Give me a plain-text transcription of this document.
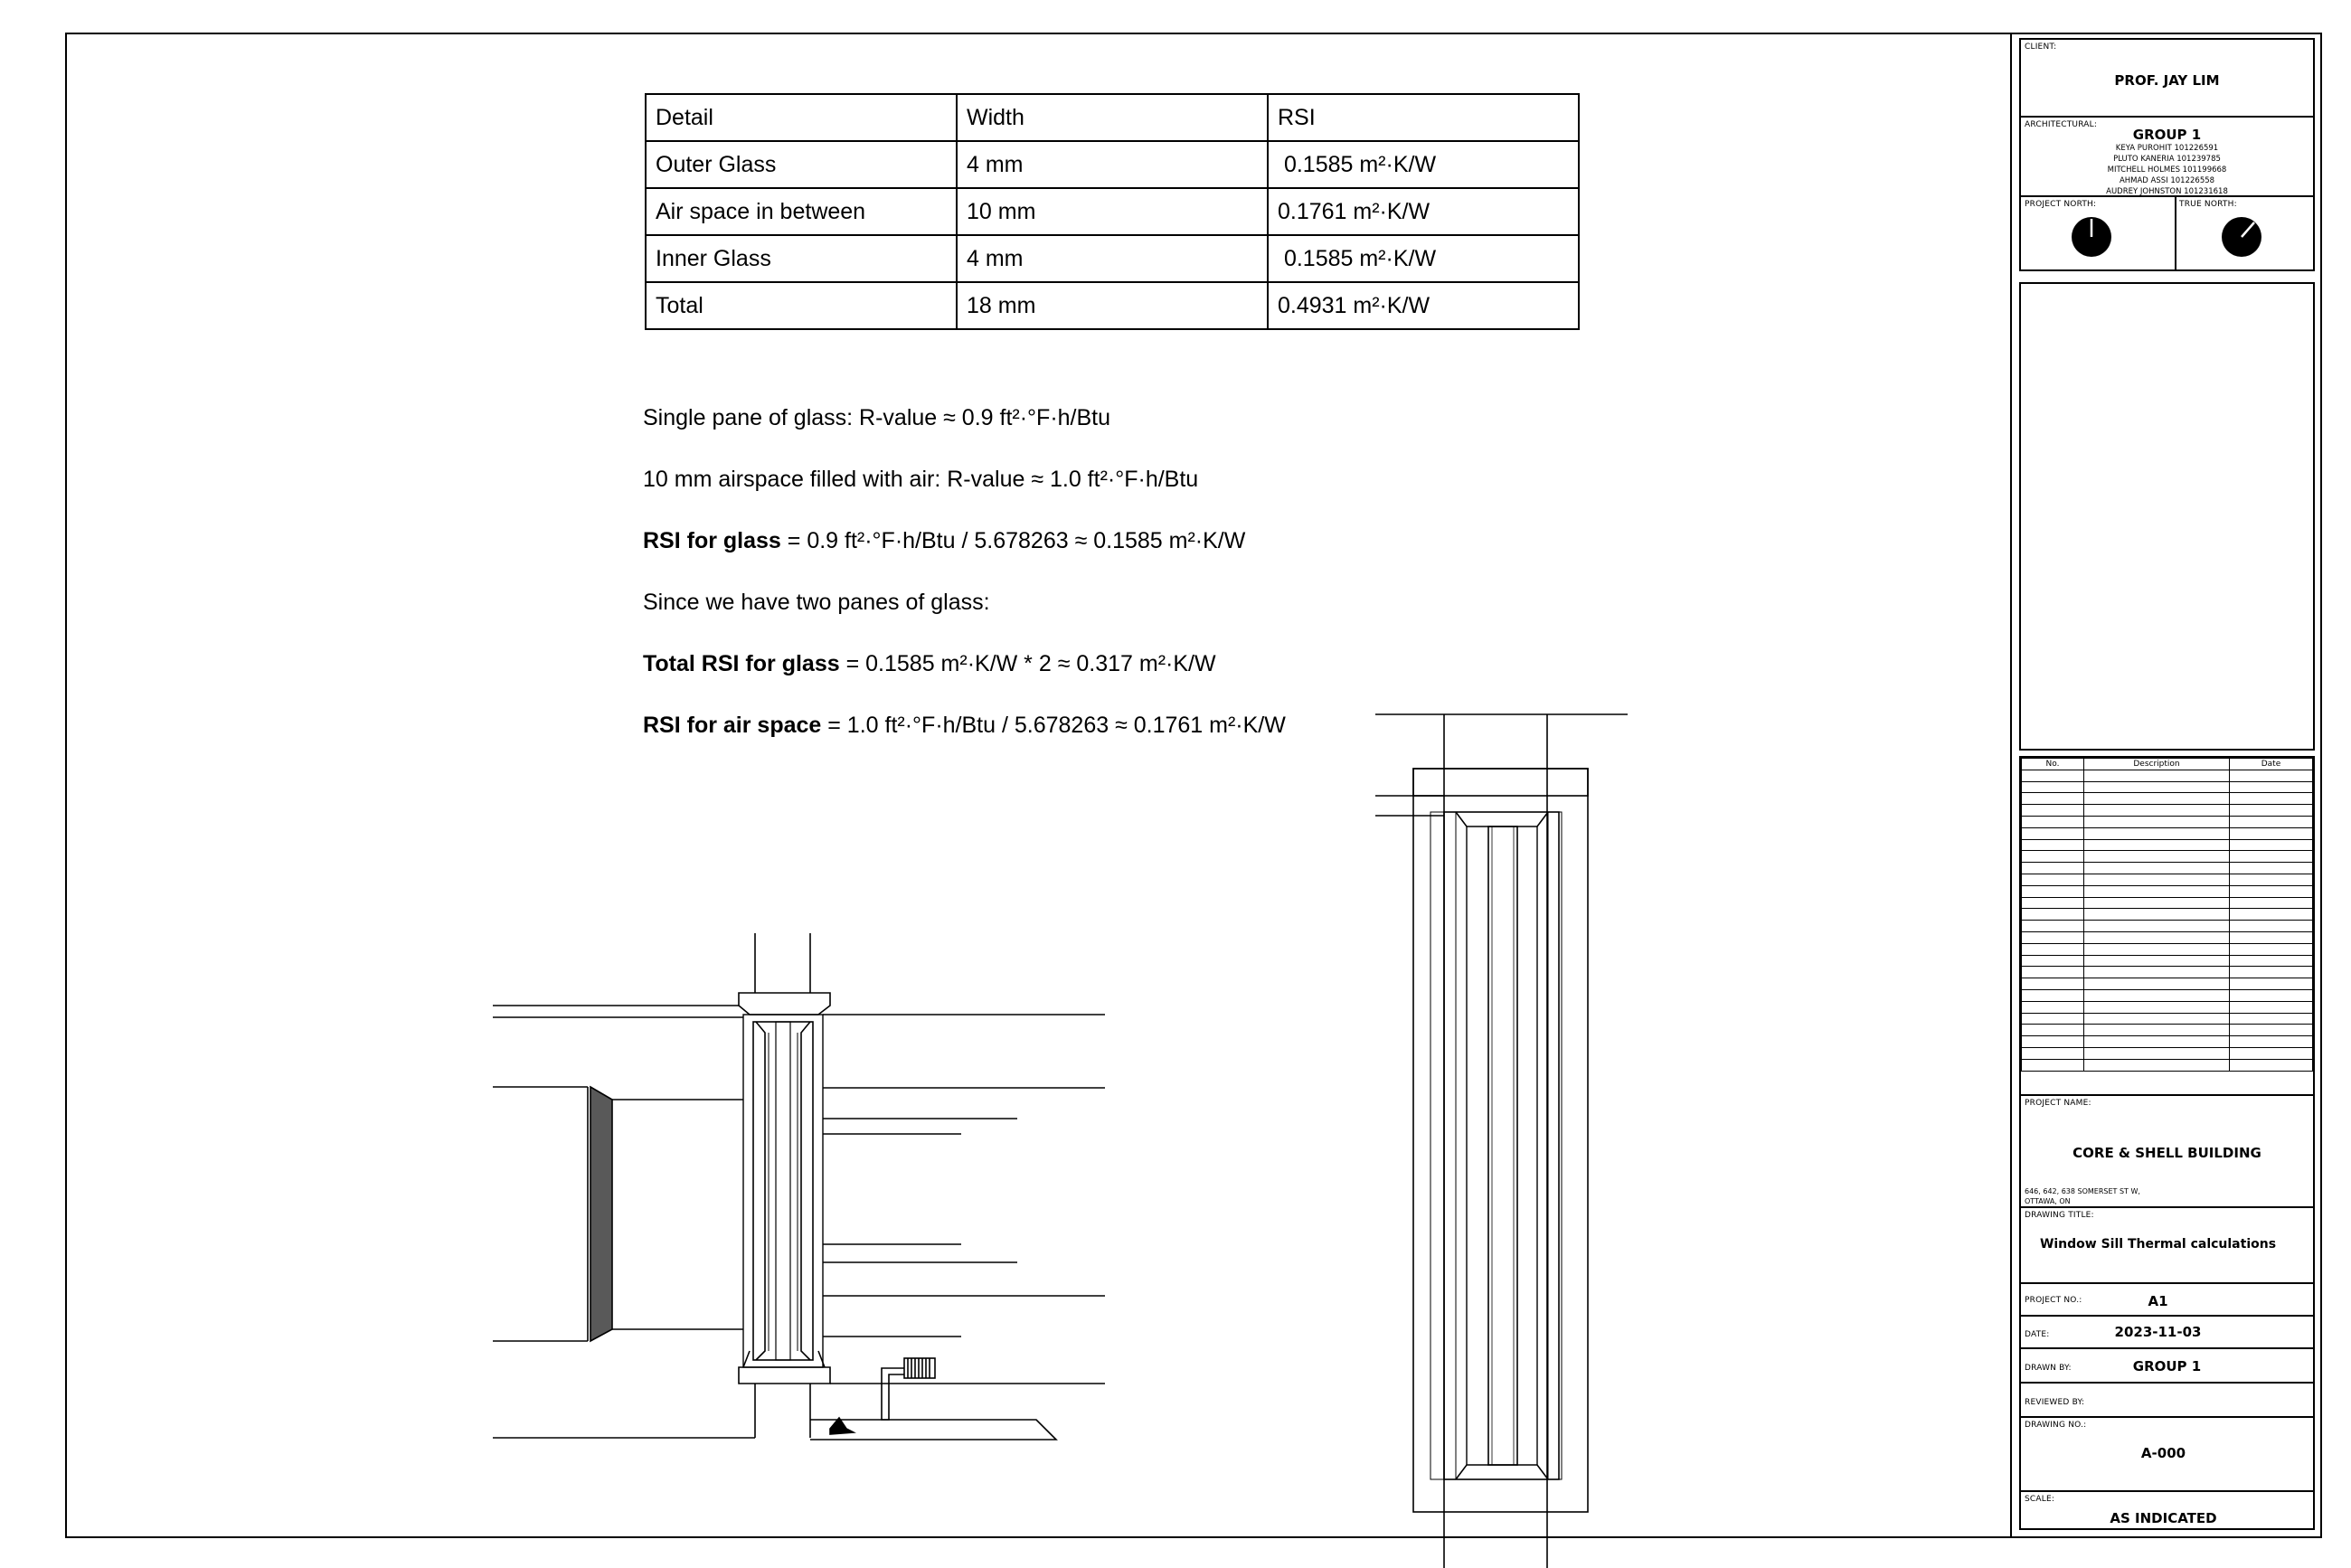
Detail	Width	RSI
Outer Glass	4 mm	0.1585 m²·K/W
Air space in between	10 mm	0.1761 m²·K/W
Inner Glass	4 mm	0.1585 m²·K/W
Total	18 mm	0.4931 m²·K/W

Single pane of glass: R-value ≈ 0.9 ft²·°F·h/Btu

10 mm airspace filled with air: R-value ≈ 1.0 ft²·°F·h/Btu

RSI for glass = 0.9 ft²·°F·h/Btu / 5.678263 ≈ 0.1585 m²·K/W

Since we have two panes of glass:

Total RSI for glass = 0.1585 m²·K/W * 2 ≈ 0.317 m²·K/W

RSI for air space = 1.0 ft²·°F·h/Btu / 5.678263 ≈ 0.1761 m²·K/W

CLIENT:
PROF. JAY LIM
ARCHITECTURAL:
GROUP 1
KEYA PUROHIT 101226591
PLUTO KANERIA 101239785
MITCHELL HOLMES 101199668
AHMAD ASSI 101226558
AUDREY JOHNSTON 101231618
PROJECT NORTH:	TRUE NORTH:
No.	Description	Date

PROJECT NAME:
CORE & SHELL BUILDING
646, 642, 638 SOMERSET ST W,
OTTAWA, ON
DRAWING TITLE:
Window Sill Thermal calculations
PROJECT NO.:	A1
DATE:	2023-11-03
DRAWN BY:	GROUP 1
REVIEWED BY:
DRAWING NO.:
A-000
SCALE:
AS INDICATED
